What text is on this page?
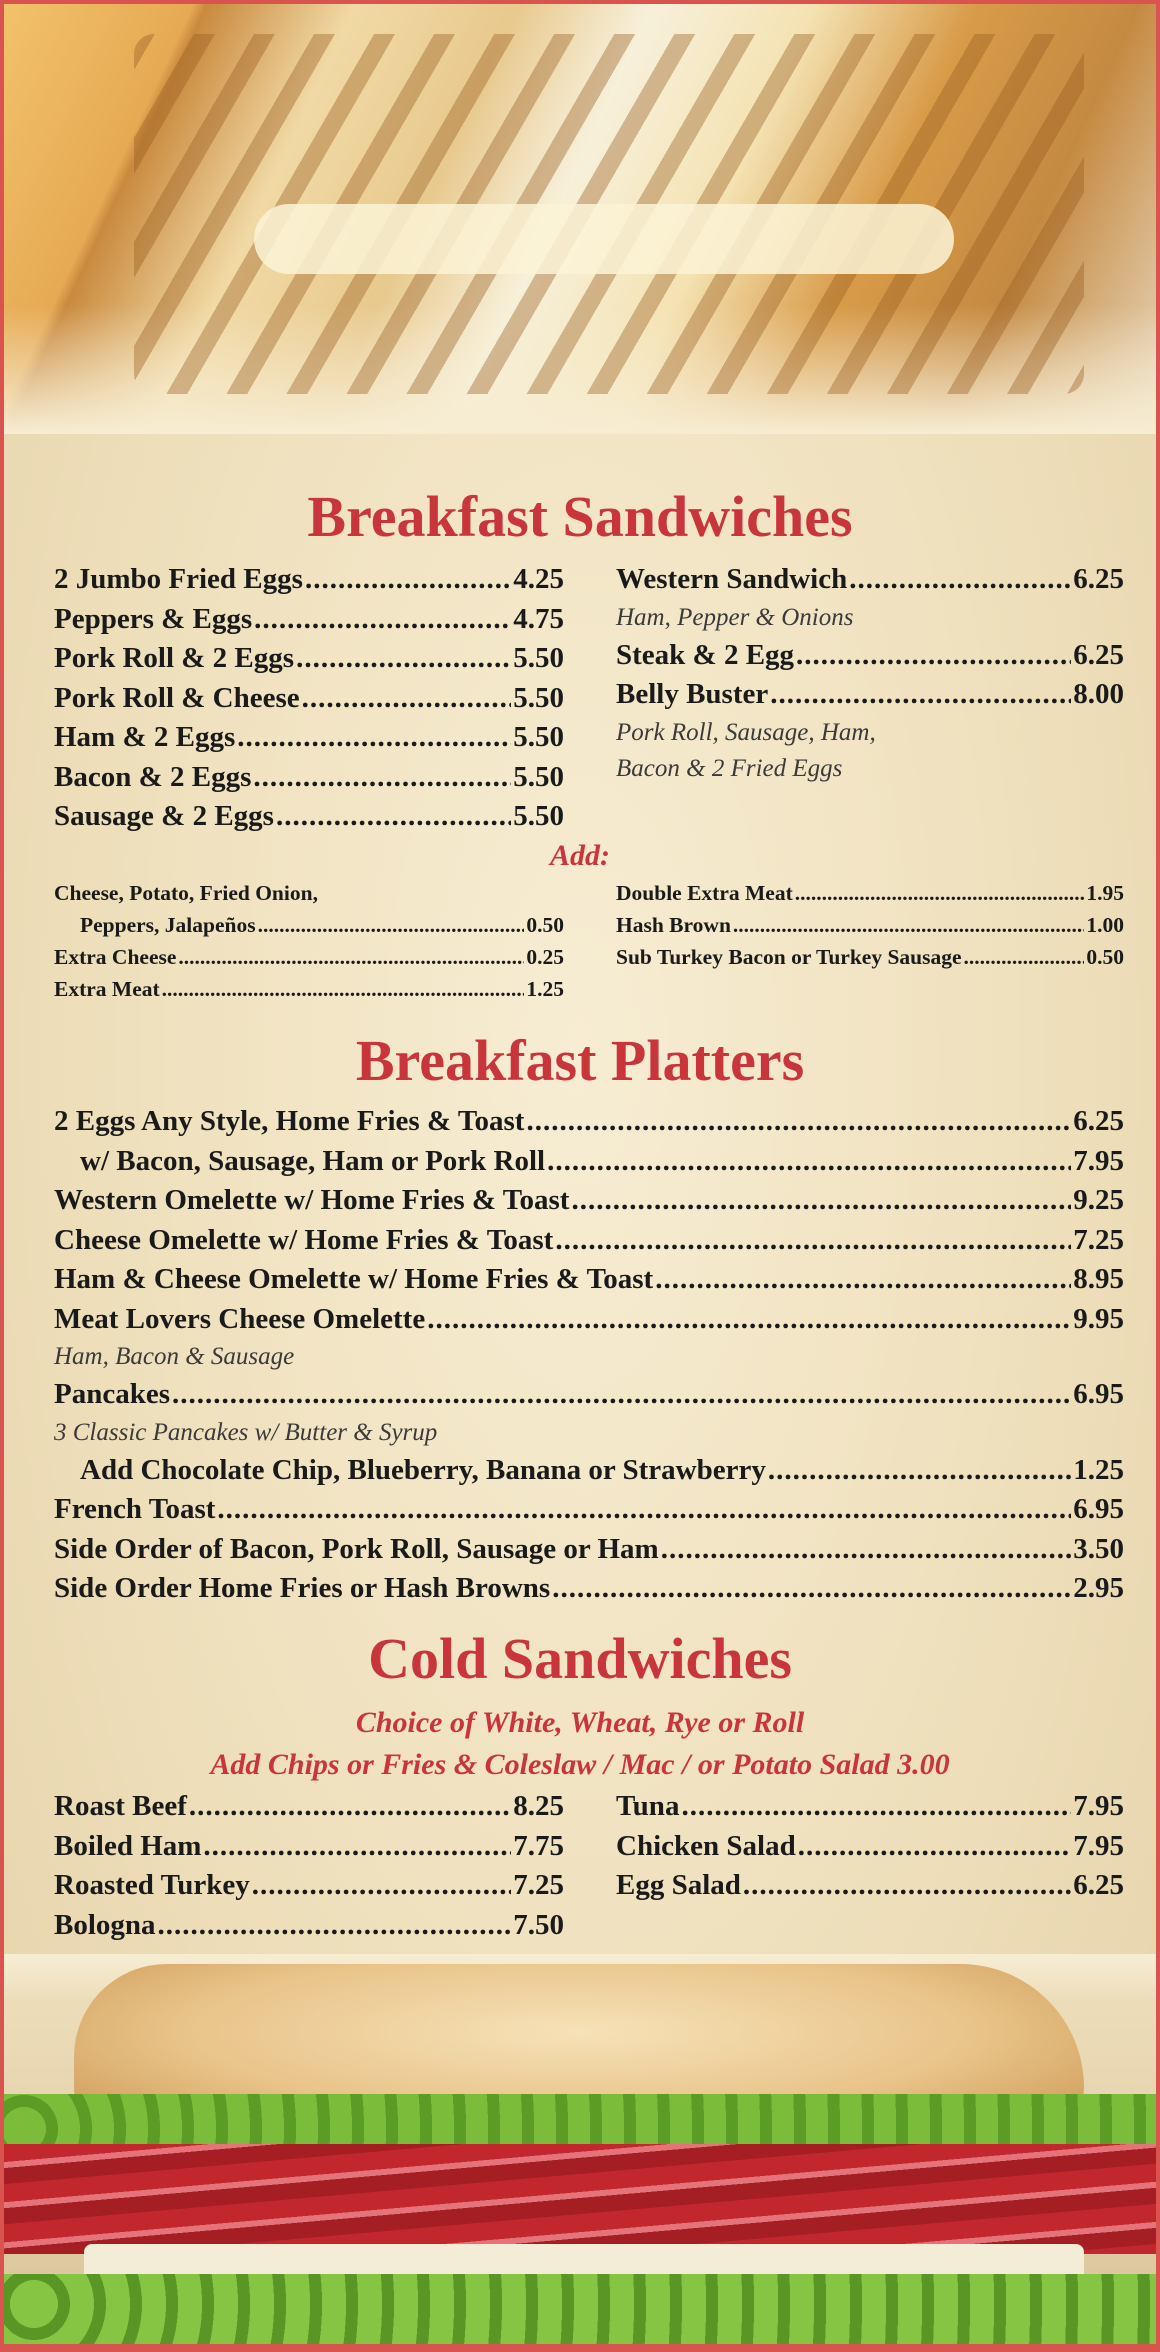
Breakfast Sandwiches
2 Jumbo Fried Eggs .....	4.25
Peppers & Eggs .....	4.75
Pork Roll & 2 Eggs .....	5.50
Pork Roll & Cheese .....	5.50
Ham & 2 Eggs .....	5.50
Bacon & 2 Eggs .....	5.50
Sausage & 2 Eggs .....	5.50
Western Sandwich .....	6.25
Ham, Pepper & Onions
Steak & 2 Egg .....	6.25
Belly Buster .....	8.00
Pork Roll, Sausage, Ham,
Bacon & 2 Fried Eggs
Add:
Cheese, Potato, Fried Onion,
Peppers, Jalapeños .....	0.50
Extra Cheese .....	0.25
Extra Meat .....	1.25
Double Extra Meat .....	1.95
Hash Brown .....	1.00
Sub Turkey Bacon or Turkey Sausage .....	0.50
Breakfast Platters
2 Eggs Any Style, Home Fries & Toast .....	6.25
w/ Bacon, Sausage, Ham or Pork Roll .....	7.95
Western Omelette w/ Home Fries & Toast .....	9.25
Cheese Omelette w/ Home Fries & Toast .....	7.25
Ham & Cheese Omelette w/ Home Fries & Toast .....	8.95
Meat Lovers Cheese Omelette .....	9.95
Ham, Bacon & Sausage
Pancakes .....	6.95
3 Classic Pancakes w/ Butter & Syrup
Add Chocolate Chip, Blueberry, Banana or Strawberry .....	1.25
French Toast .....	6.95
Side Order of Bacon, Pork Roll, Sausage or Ham .....	3.50
Side Order Home Fries or Hash Browns .....	2.95
Cold Sandwiches
Choice of White, Wheat, Rye or Roll
Add Chips or Fries & Coleslaw / Mac / or Potato Salad 3.00
Roast Beef .....	8.25
Boiled Ham .....	7.75
Roasted Turkey .....	7.25
Bologna .....	7.50
Tuna .....	7.95
Chicken Salad .....	7.95
Egg Salad .....	6.25
